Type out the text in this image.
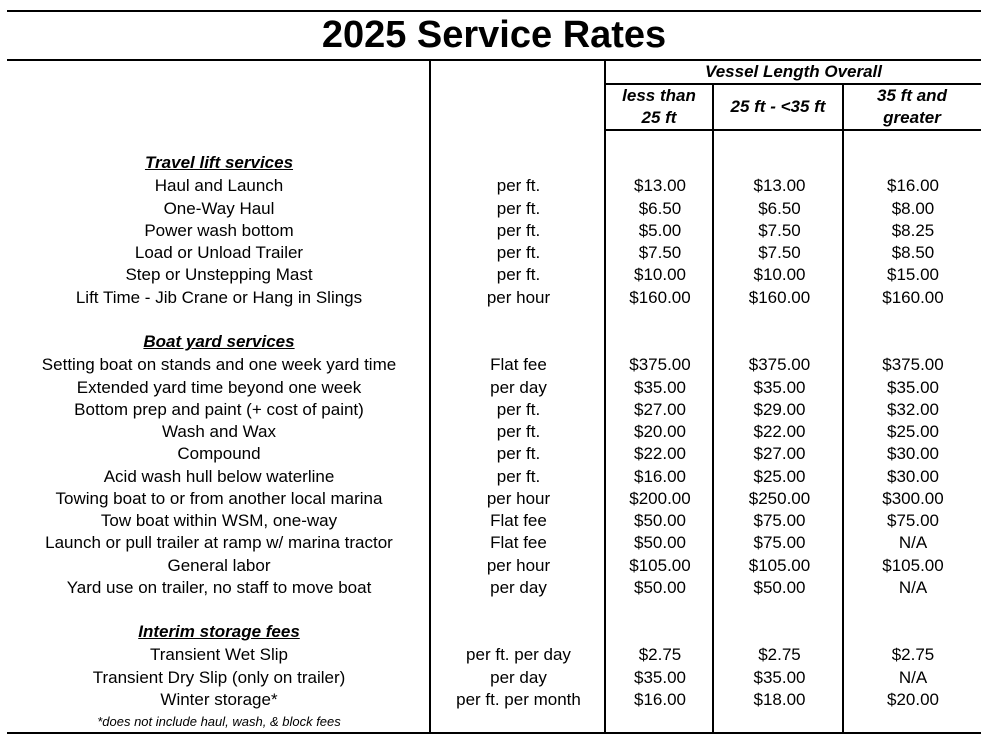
2025 Service Rates
Vessel Length Overall
less than 25 ft
25 ft - <35 ft
35 ft and greater
Travel lift services
Haul and Launch	per ft.	$13.00	$13.00	$16.00
One-Way Haul	per ft.	$6.50	$6.50	$8.00
Power wash bottom	per ft.	$5.00	$7.50	$8.25
Load or Unload Trailer	per ft.	$7.50	$7.50	$8.50
Step or Unstepping Mast	per ft.	$10.00	$10.00	$15.00
Lift Time - Jib Crane or Hang in Slings	per hour	$160.00	$160.00	$160.00
Boat yard services
Setting boat on stands and one week yard time	Flat fee	$375.00	$375.00	$375.00
Extended yard time beyond one week	per day	$35.00	$35.00	$35.00
Bottom prep and paint (+ cost of paint)	per ft.	$27.00	$29.00	$32.00
Wash and Wax	per ft.	$20.00	$22.00	$25.00
Compound	per ft.	$22.00	$27.00	$30.00
Acid wash hull below waterline	per ft.	$16.00	$25.00	$30.00
Towing boat to or from another local marina	per hour	$200.00	$250.00	$300.00
Tow boat within WSM, one-way	Flat fee	$50.00	$75.00	$75.00
Launch or pull trailer at ramp w/ marina tractor	Flat fee	$50.00	$75.00	N/A
General labor	per hour	$105.00	$105.00	$105.00
Yard use on trailer, no staff to move boat	per day	$50.00	$50.00	N/A
Interim storage fees
Transient Wet Slip	per ft. per day	$2.75	$2.75	$2.75
Transient Dry Slip (only on trailer)	per day	$35.00	$35.00	N/A
Winter storage*	per ft. per month	$16.00	$18.00	$20.00
*does not include haul, wash, & block fees
